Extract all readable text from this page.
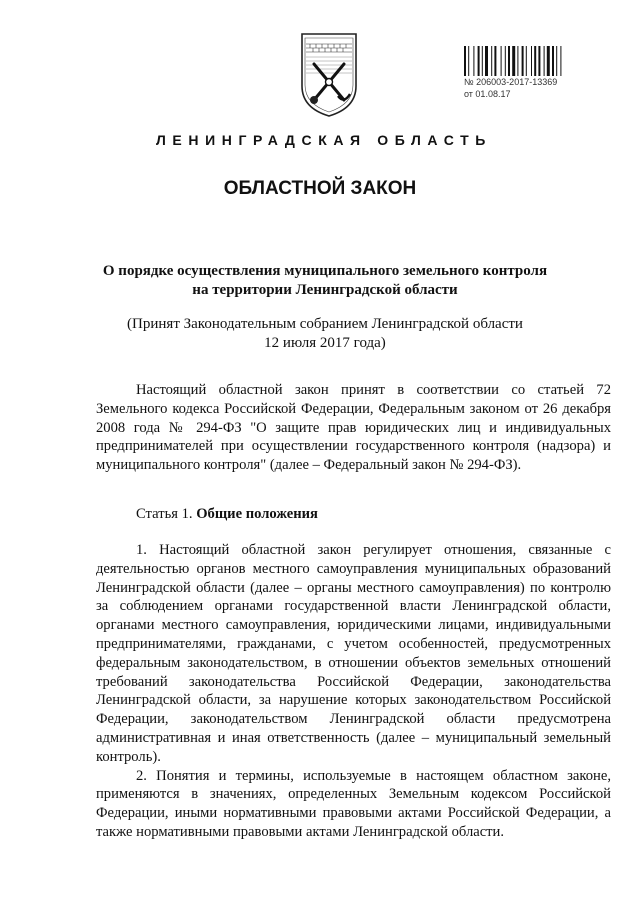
№ 206003-2017-13369
от 01.08.17
ЛЕНИНГРАДСКАЯ ОБЛАСТЬ
ОБЛАСТНОЙ ЗАКОН
О порядке осуществления муниципального земельного контроля
на территории Ленинградской области
(Принят Законодательным собранием Ленинградской области
12 июля 2017 года)

Настоящий областной закон принят в соответствии со статьей 72 Земельного кодекса Российской Федерации, Федеральным законом от 26 декабря 2008 года № 294-ФЗ "О защите прав юридических лиц и индивидуальных предпринимателей при осуществлении государственного контроля (надзора) и муниципального контроля" (далее – Федеральный закон № 294-ФЗ).

Статья 1. Общие положения

1. Настоящий областной закон регулирует отношения, связанные с деятельностью органов местного самоуправления муниципальных образований Ленинградской области (далее – органы местного самоуправления) по контролю за соблюдением органами государственной власти Ленинградской области, органами местного самоуправления, юридическими лицами, индивидуальными предпринимателями, гражданами, с учетом особенностей, предусмотренных федеральным законодательством, в отношении объектов земельных отношений требований законодательства Российской Федерации, законодательства Ленинградской области, за нарушение которых законодательством Российской Федерации, законодательством Ленинградской области предусмотрена административная и иная ответственность (далее – муниципальный земельный контроль).

2. Понятия и термины, используемые в настоящем областном законе, применяются в значениях, определенных Земельным кодексом Российской Федерации, иными нормативными правовыми актами Российской Федерации, а также нормативными правовыми актами Ленинградской области.
